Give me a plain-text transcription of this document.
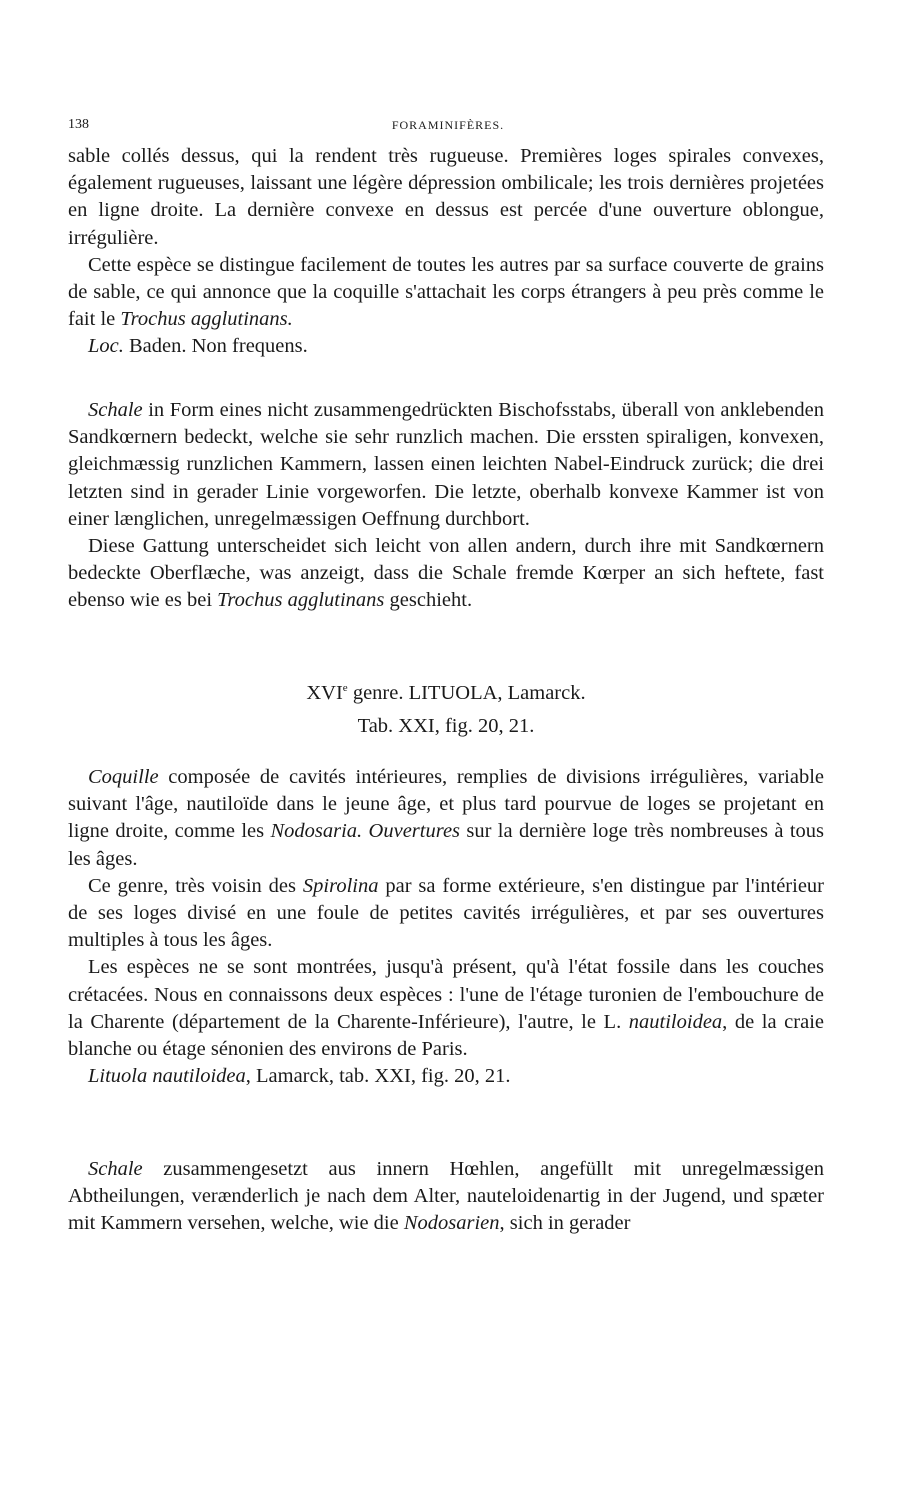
138	FORAMINIFÈRES.

sable collés dessus, qui la rendent très rugueuse. Premières loges spirales convexes, également rugueuses, laissant une légère dépression ombilicale; les trois dernières projetées en ligne droite. La dernière convexe en dessus est percée d'une ouverture oblongue, irrégulière.

Cette espèce se distingue facilement de toutes les autres par sa surface couverte de grains de sable, ce qui annonce que la coquille s'attachait les corps étrangers à peu près comme le fait le Trochus agglutinans.

Loc. Baden. Non frequens.

Schale in Form eines nicht zusammengedrückten Bischofsstabs, überall von anklebenden Sandkœrnern bedeckt, welche sie sehr runzlich machen. Die erssten spiraligen, konvexen, gleichmæssig runzlichen Kammern, lassen einen leichten Nabel-Eindruck zurück; die drei letzten sind in gerader Linie vorgeworfen. Die letzte, oberhalb konvexe Kammer ist von einer længlichen, unregelmæssigen Oeffnung durchbort.

Diese Gattung unterscheidet sich leicht von allen andern, durch ihre mit Sandkœrnern bedeckte Oberflæche, was anzeigt, dass die Schale fremde Kœrper an sich heftete, fast ebenso wie es bei Trochus agglutinans geschieht.

XVIe genre. LITUOLA, Lamarck.
Tab. XXI, fig. 20, 21.

Coquille composée de cavités intérieures, remplies de divisions irrégulières, variable suivant l'âge, nautiloïde dans le jeune âge, et plus tard pourvue de loges se projetant en ligne droite, comme les Nodosaria. Ouvertures sur la dernière loge très nombreuses à tous les âges.

Ce genre, très voisin des Spirolina par sa forme extérieure, s'en distingue par l'intérieur de ses loges divisé en une foule de petites cavités irrégulières, et par ses ouvertures multiples à tous les âges.

Les espèces ne se sont montrées, jusqu'à présent, qu'à l'état fossile dans les couches crétacées. Nous en connaissons deux espèces : l'une de l'étage turonien de l'embouchure de la Charente (département de la Charente-Inférieure), l'autre, le L. nautiloidea, de la craie blanche ou étage sénonien des environs de Paris.

Lituola nautiloidea, Lamarck, tab. XXI, fig. 20, 21.

Schale zusammengesetzt aus innern Hœhlen, angefüllt mit unregelmæssigen Abtheilungen, verænderlich je nach dem Alter, nauteloidenartig in der Jugend, und spæter mit Kammern versehen, welche, wie die Nodosarien, sich in gerader
